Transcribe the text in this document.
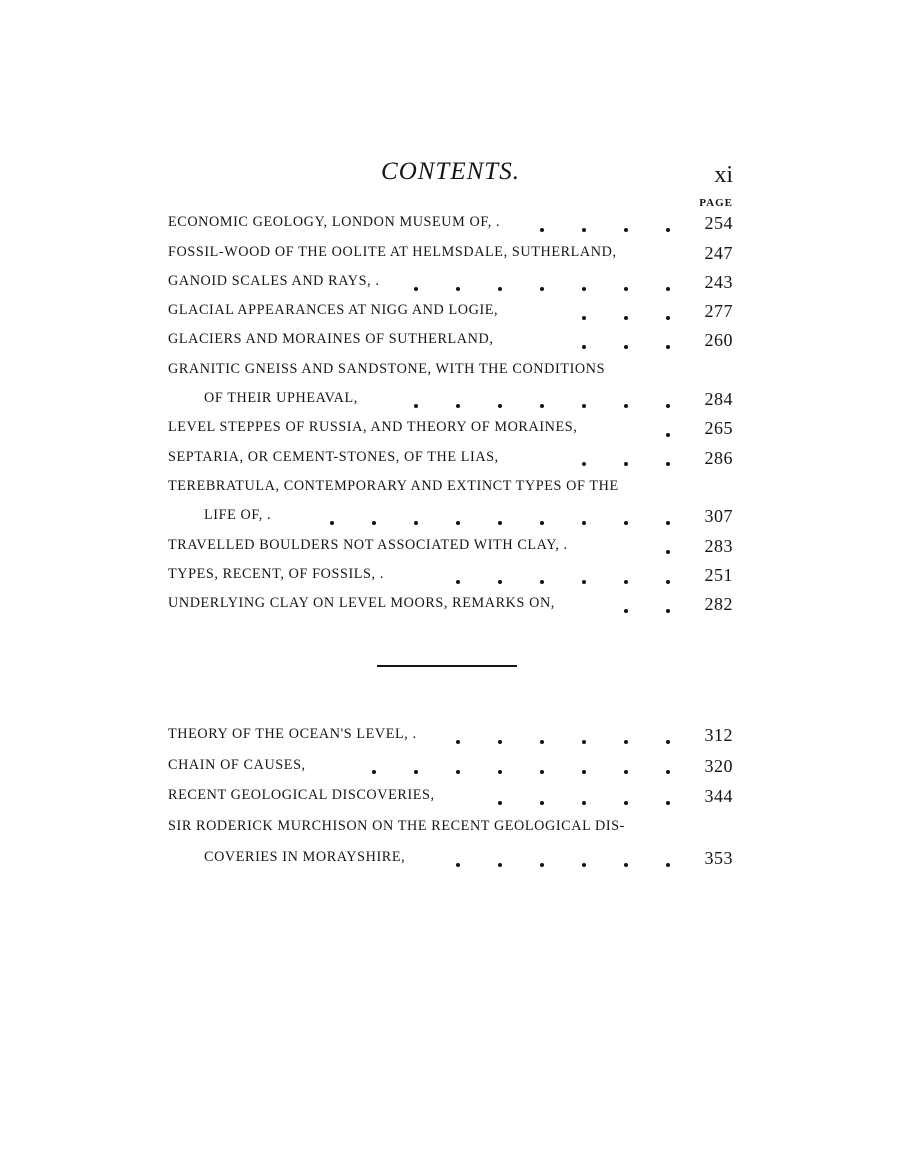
CONTENTS.	xi
PAGE
ECONOMIC GEOLOGY, LONDON MUSEUM OF, .	254
FOSSIL-WOOD OF THE OOLITE AT HELMSDALE, SUTHERLAND,	247
GANOID SCALES AND RAYS, .	243
GLACIAL APPEARANCES AT NIGG AND LOGIE,	277
GLACIERS AND MORAINES OF SUTHERLAND,	260
GRANITIC GNEISS AND SANDSTONE, WITH THE CONDITIONS
OF THEIR UPHEAVAL,	284
LEVEL STEPPES OF RUSSIA, AND THEORY OF MORAINES,	265
SEPTARIA, OR CEMENT-STONES, OF THE LIAS,	286
TEREBRATULA, CONTEMPORARY AND EXTINCT TYPES OF THE
LIFE OF, .	307
TRAVELLED BOULDERS NOT ASSOCIATED WITH CLAY, .	283
TYPES, RECENT, OF FOSSILS, .	251
UNDERLYING CLAY ON LEVEL MOORS, REMARKS ON,	282
THEORY OF THE OCEAN'S LEVEL, .	312
CHAIN OF CAUSES,	320
RECENT GEOLOGICAL DISCOVERIES,	344
SIR RODERICK MURCHISON ON THE RECENT GEOLOGICAL DIS-
COVERIES IN MORAYSHIRE,	353
